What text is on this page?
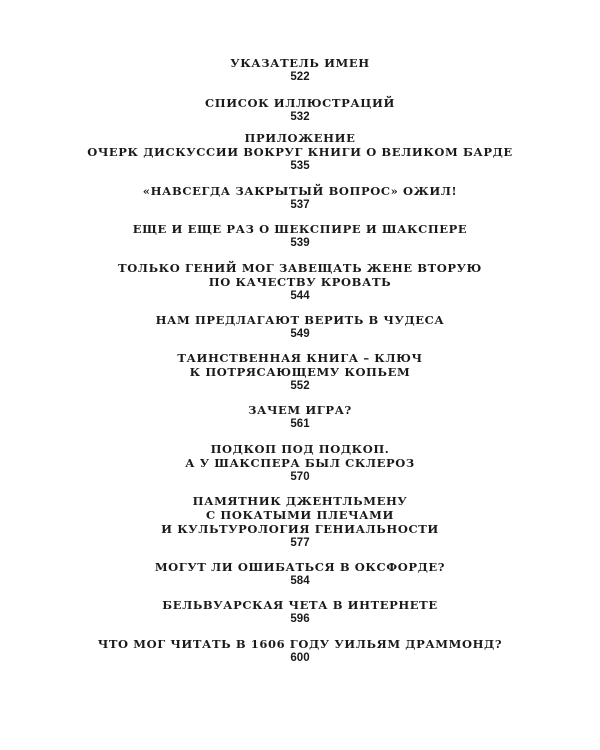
УКАЗАТЕЛЬ ИМЕН
522
СПИСОК ИЛЛЮСТРАЦИЙ
532
ПРИЛОЖЕНИЕ
ОЧЕРК ДИСКУССИИ ВОКРУГ КНИГИ О ВЕЛИКОМ БАРДЕ
535
«НАВСЕГДА ЗАКРЫТЫЙ ВОПРОС» ОЖИЛ!
537
ЕЩЕ И ЕЩЕ РАЗ О ШЕКСПИРЕ И ШАКСПЕРЕ
539
ТОЛЬКО ГЕНИЙ МОГ ЗАВЕЩАТЬ ЖЕНЕ ВТОРУЮ
ПО КАЧЕСТВУ КРОВАТЬ
544
НАМ ПРЕДЛАГАЮТ ВЕРИТЬ В ЧУДЕСА
549
ТАИНСТВЕННАЯ КНИГА – КЛЮЧ
К ПОТРЯСАЮЩЕМУ КОПЬЕМ
552
ЗАЧЕМ ИГРА?
561
ПОДКОП ПОД ПОДКОП.
А У ШАКСПЕРА БЫЛ СКЛЕРОЗ
570
ПАМЯТНИК ДЖЕНТЛЬМЕНУ
С ПОКАТЫМИ ПЛЕЧАМИ
И КУЛЬТУРОЛОГИЯ ГЕНИАЛЬНОСТИ
577
МОГУТ ЛИ ОШИБАТЬСЯ В ОКСФОРДЕ?
584
БЕЛЬВУАРСКАЯ ЧЕТА В ИНТЕРНЕТЕ
596
ЧТО МОГ ЧИТАТЬ В 1606 ГОДУ УИЛЬЯМ ДРАММОНД?
600
